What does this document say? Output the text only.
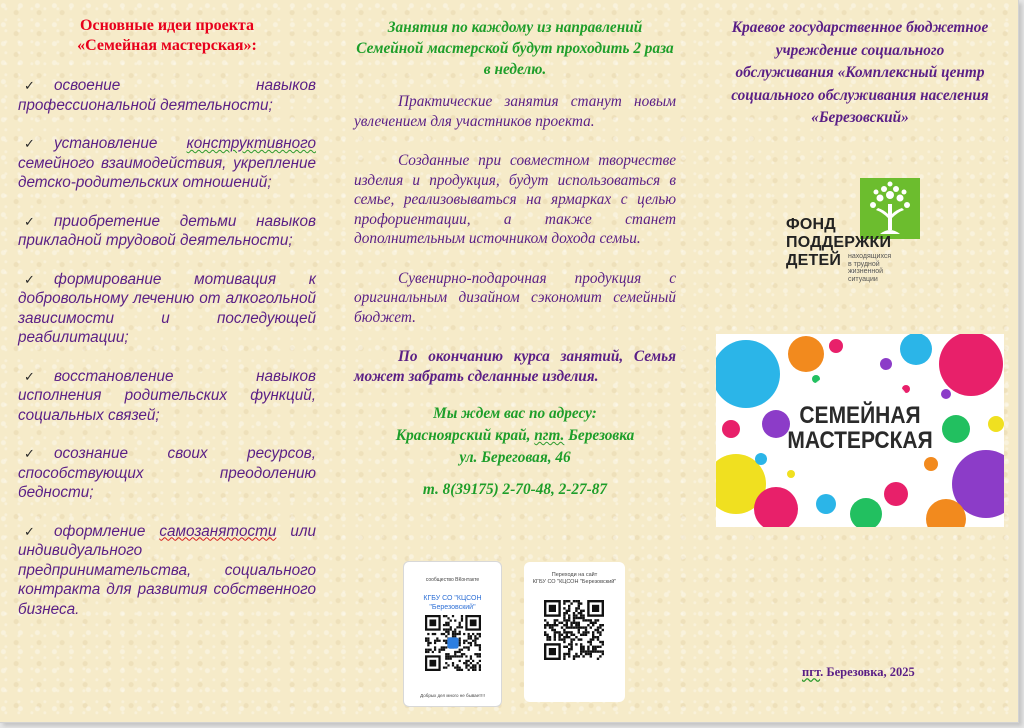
Основные идеи проекта
«Семейная мастерская»:
✓ освоение навыков профессиональной деятельности;
✓ установление конструктивного семейного взаимодействия, укрепление детско-родительских отношений;
✓ приобретение детьми навыков прикладной трудовой деятельности;
✓ формирование мотивация к добровольному лечению от алкогольной зависимости и последующей реабилитации;
✓ восстановление навыков исполнения родительских функций, социальных связей;
✓ осознание своих ресурсов, способствующих преодолению бедности;
✓ оформление самозанятости или индивидуального предпринимательства, социального контракта для развития собственного бизнеса.
Занятия по каждому из направлений Семейной мастерской будут проходить 2 раза в неделю.

Практические занятия станут новым увлечением для участников проекта.

Созданные при совместном творчестве изделия и продукция, будут использоваться в семье, реализовываться на ярмарках с целью профориентации, а также станет дополнительным источником дохода семьи.

Сувенирно-подарочная продукция с оригинальным дизайном сэкономит семейный бюджет.

По окончанию курса занятий, Семья может забрать сделанные изделия.

Мы ждем вас по адресу:
Красноярский край, пгт. Березовка
ул. Береговая, 46
т. 8(39175) 2-70-48, 2-27-87
сообщество ВКонтакте
КГБУ СО "КЦСОН
"Березовский"
Добрых дел много не бывает!!!
Переходи на сайт
КГБУ СО "КЦСОН "Березовский"
Краевое государственное бюджетное
учреждение социального
обслуживания «Комплексный центр
социального обслуживания населения
«Березовский»
ФОНД
ПОДДЕРЖКИ
ДЕТЕЙ находящихся
в трудной
жизненной
ситуации
СЕМЕЙНАЯ
МАСТЕРСКАЯ
пгт. Березовка, 2025
